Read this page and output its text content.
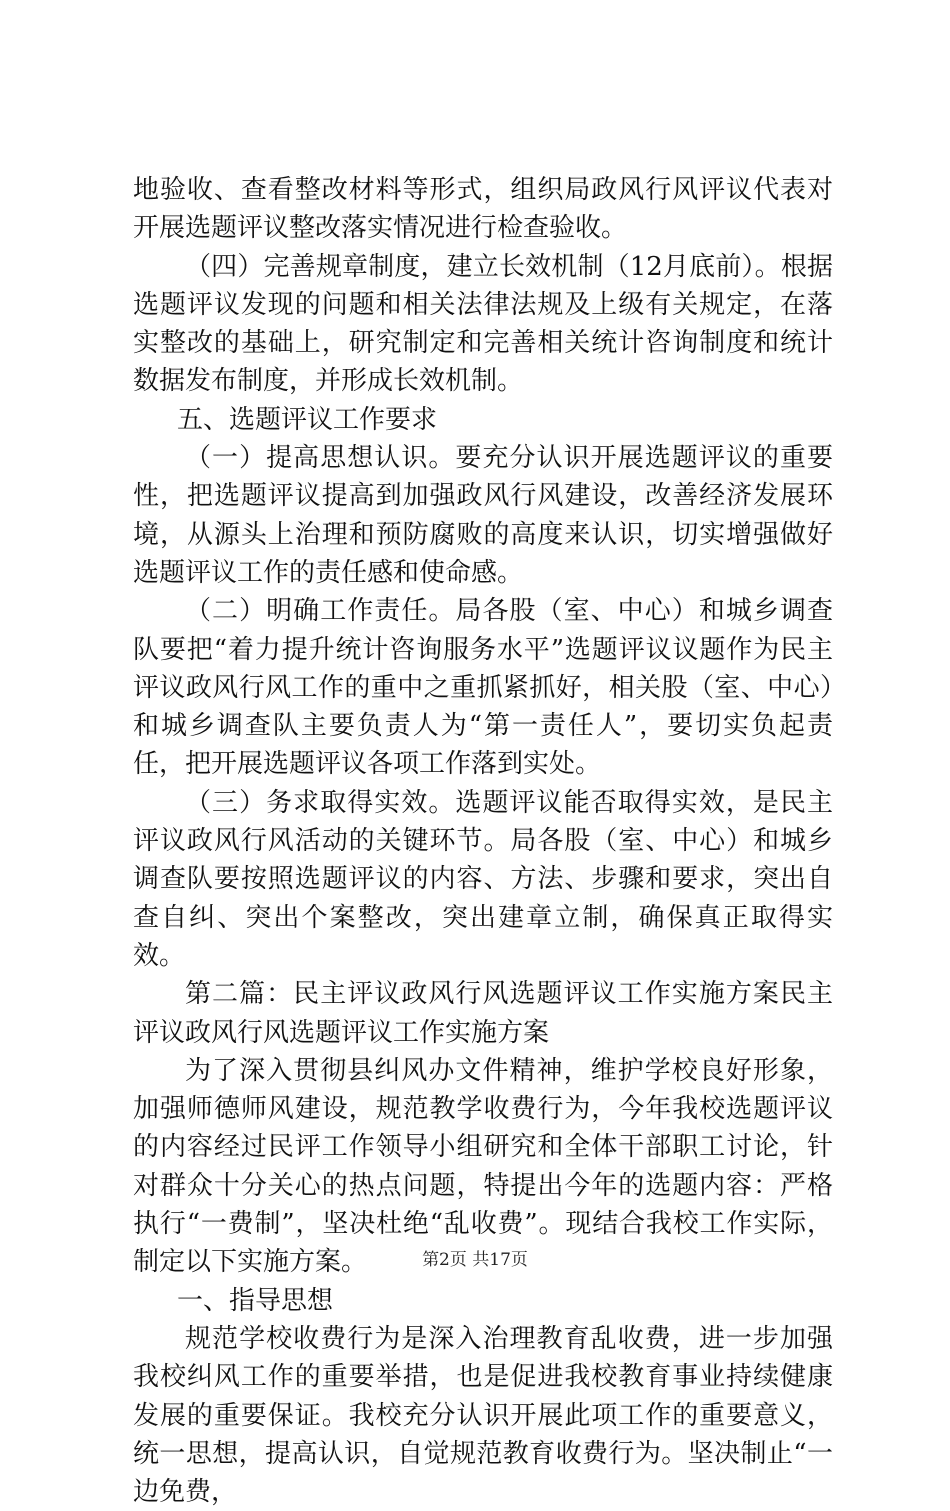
地验收、查看整改材料等形式，组织局政风行风评议代表对开展选题评议整改落实情况进行检查验收。

（四）完善规章制度，建立长效机制（12月底前）。根据选题评议发现的问题和相关法律法规及上级有关规定，在落实整改的基础上，研究制定和完善相关统计咨询制度和统计数据发布制度，并形成长效机制。

五、选题评议工作要求

（一）提高思想认识。要充分认识开展选题评议的重要性，把选题评议提高到加强政风行风建设，改善经济发展环境，从源头上治理和预防腐败的高度来认识，切实增强做好选题评议工作的责任感和使命感。

（二）明确工作责任。局各股（室、中心）和城乡调查队要把“着力提升统计咨询服务水平”选题评议议题作为民主评议政风行风工作的重中之重抓紧抓好，相关股（室、中心）和城乡调查队主要负责人为“第一责任人”，要切实负起责任，把开展选题评议各项工作落到实处。

（三）务求取得实效。选题评议能否取得实效，是民主评议政风行风活动的关键环节。局各股（室、中心）和城乡调查队要按照选题评议的内容、方法、步骤和要求，突出自查自纠、突出个案整改，突出建章立制，确保真正取得实效。

第二篇：民主评议政风行风选题评议工作实施方案民主评议政风行风选题评议工作实施方案

为了深入贯彻县纠风办文件精神，维护学校良好形象，加强师德师风建设，规范教学收费行为，今年我校选题评议的内容经过民评工作领导小组研究和全体干部职工讨论，针对群众十分关心的热点问题，特提出今年的选题内容：严格执行“一费制”，坚决杜绝“乱收费”。现结合我校工作实际，制定以下实施方案。

一、指导思想

规范学校收费行为是深入治理教育乱收费，进一步加强我校纠风工作的重要举措，也是促进我校教育事业持续健康发展的重要保证。我校充分认识开展此项工作的重要意义，统一思想，提高认识，自觉规范教育收费行为。坚决制止“一边免费，

第2页 共17页
